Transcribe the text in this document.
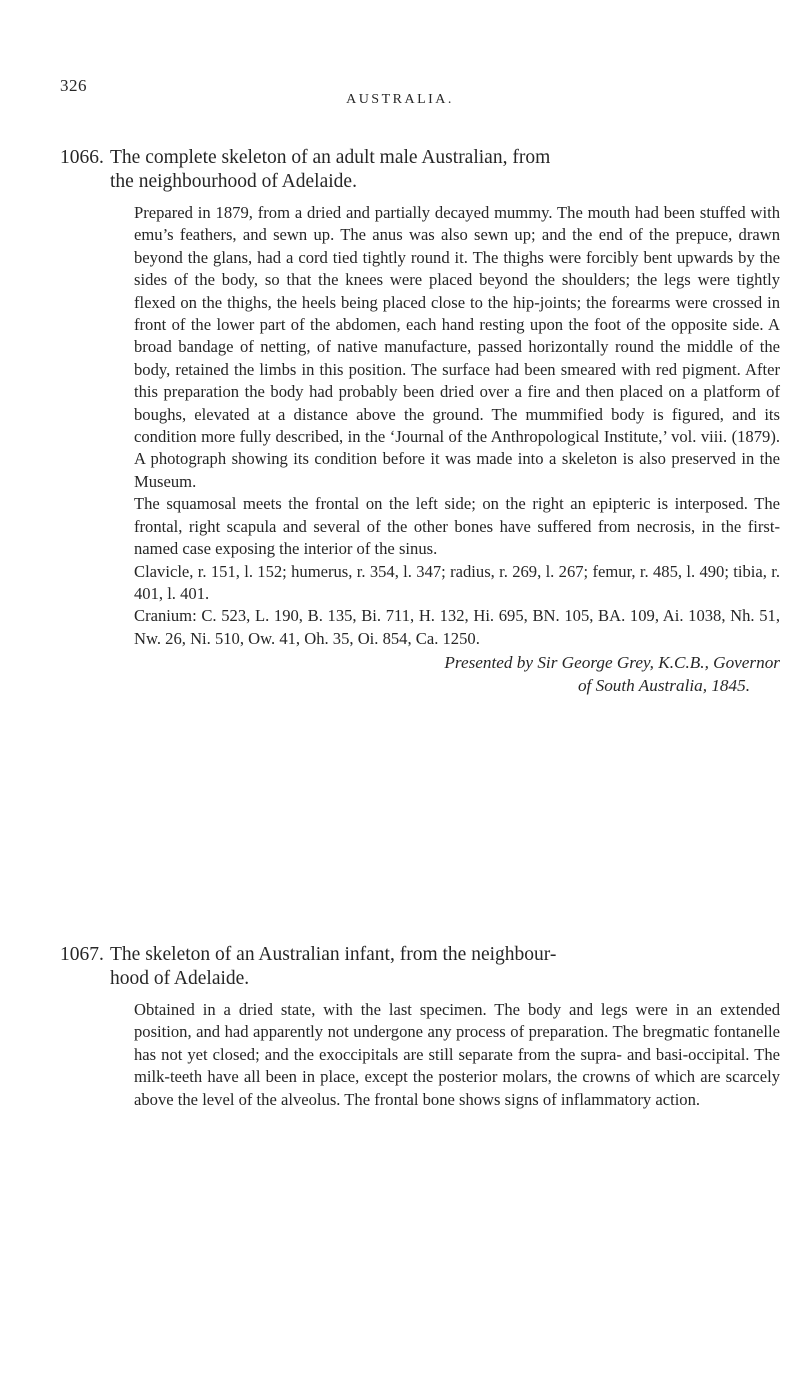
326
AUSTRALIA.
1066. The complete skeleton of an adult male Australian, from
the neighbourhood of Adelaide.

Prepared in 1879, from a dried and partially decayed mummy. The mouth had been stuffed with emu’s feathers, and sewn up. The anus was also sewn up; and the end of the prepuce, drawn beyond the glans, had a cord tied tightly round it. The thighs were forcibly bent upwards by the sides of the body, so that the knees were placed beyond the shoulders; the legs were tightly flexed on the thighs, the heels being placed close to the hip-joints; the forearms were crossed in front of the lower part of the abdomen, each hand resting upon the foot of the opposite side. A broad bandage of netting, of native manufacture, passed horizontally round the middle of the body, retained the limbs in this position. The surface had been smeared with red pigment. After this preparation the body had probably been dried over a fire and then placed on a platform of boughs, elevated at a distance above the ground. The mummified body is figured, and its condition more fully described, in the ‘Journal of the Anthropological Institute,’ vol. viii. (1879). A photograph showing its condition before it was made into a skeleton is also preserved in the Museum.

The squamosal meets the frontal on the left side; on the right an epipteric is interposed. The frontal, right scapula and several of the other bones have suffered from necrosis, in the first-named case exposing the interior of the sinus.

Clavicle, r. 151, l. 152; humerus, r. 354, l. 347; radius, r. 269, l. 267; femur, r. 485, l. 490; tibia, r. 401, l. 401.

Cranium: C. 523, L. 190, B. 135, Bi. 711, H. 132, Hi. 695, BN. 105, BA. 109, Ai. 1038, Nh. 51, Nw. 26, Ni. 510, Ow. 41, Oh. 35, Oi. 854, Ca. 1250.

Presented by Sir George Grey, K.C.B., Governor
of South Australia, 1845.
1067. The skeleton of an Australian infant, from the neighbour-
hood of Adelaide.

Obtained in a dried state, with the last specimen. The body and legs were in an extended position, and had apparently not undergone any process of preparation. The bregmatic fontanelle has not yet closed; and the exoccipitals are still separate from the supra- and basi-occipital. The milk-teeth have all been in place, except the posterior molars, the crowns of which are scarcely above the level of the alveolus. The frontal bone shows signs of inflammatory action.
